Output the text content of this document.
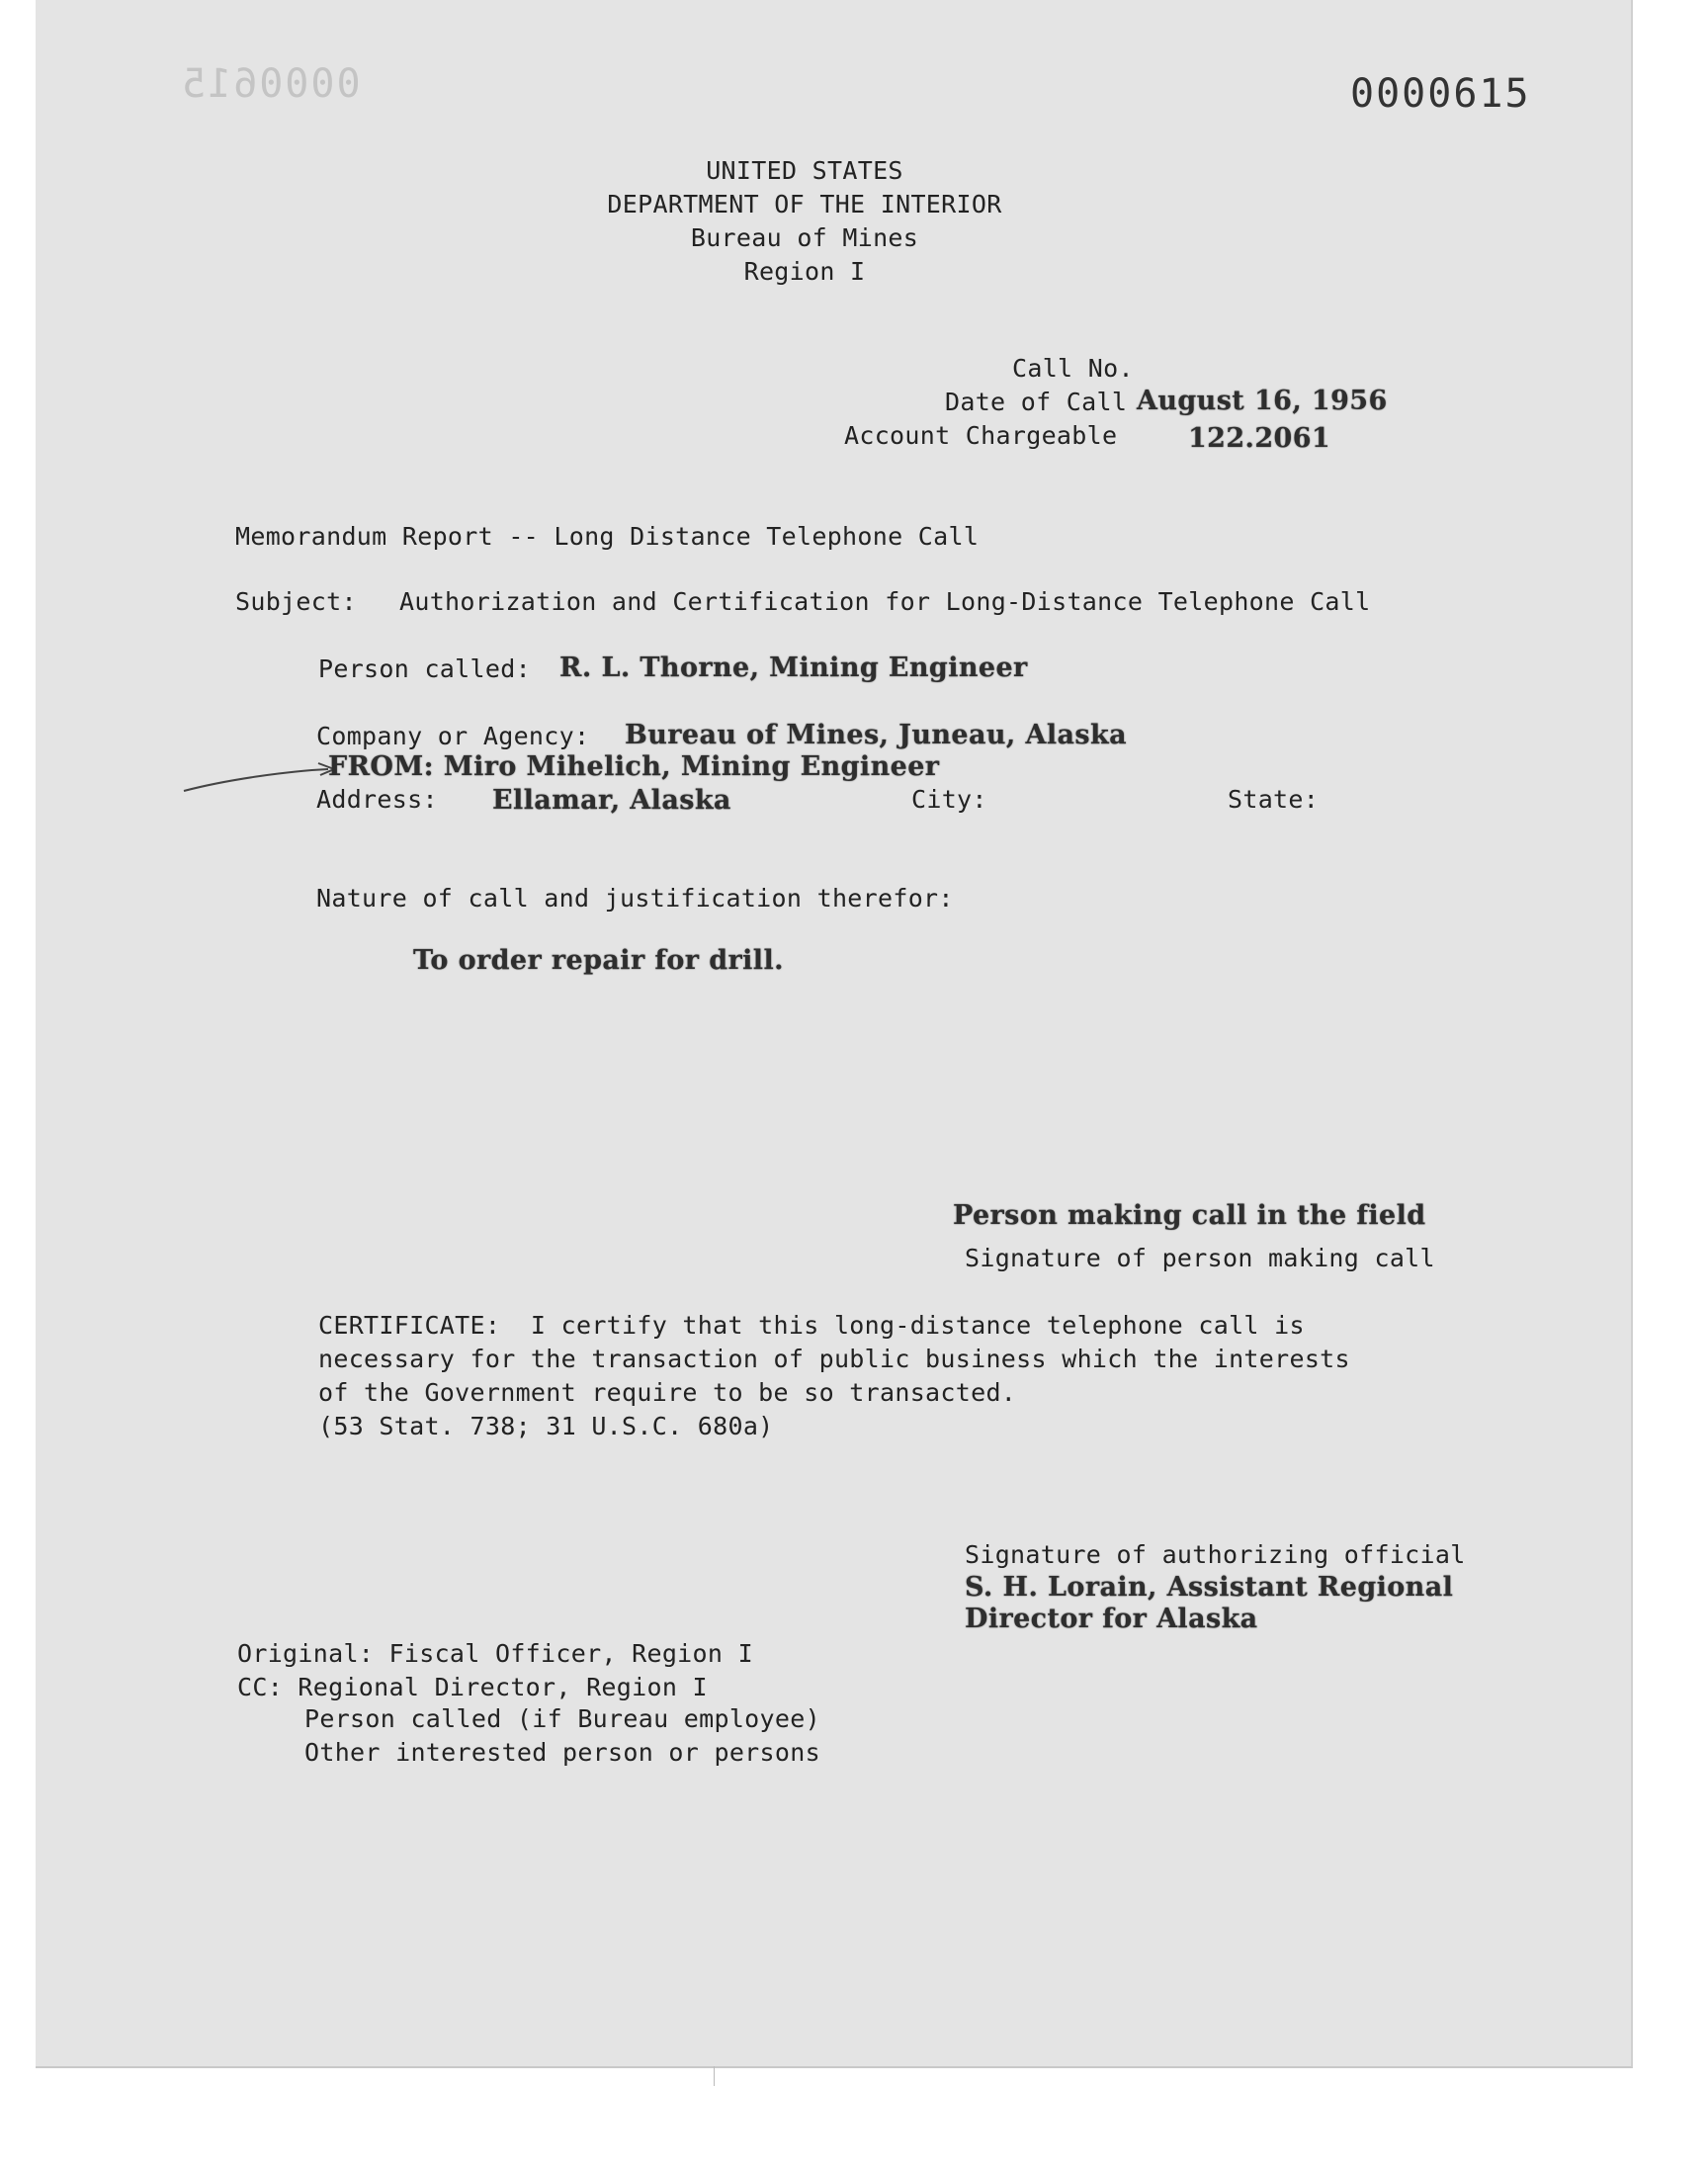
0000615	0000615
UNITED STATES
DEPARTMENT OF THE INTERIOR
Bureau of Mines
Region I
Call No.
Date of Call August 16, 1956
Account Chargeable	122.2061
Memorandum Report -- Long Distance Telephone Call
Subject: Authorization and Certification for Long-Distance Telephone Call
Person called: R. L. Thorne, Mining Engineer
Company or Agency: Bureau of Mines, Juneau, Alaska
FROM: Miro Mihelich, Mining Engineer
Address: Ellamar, Alaska	City:	State:
Nature of call and justification therefor:
To order repair for drill.
Person making call in the field
Signature of person making call
CERTIFICATE:  I certify that this long-distance telephone call is
necessary for the transaction of public business which the interests
of the Government require to be so transacted.
(53 Stat. 738; 31 U.S.C. 680a)
Signature of authorizing official
S. H. Lorain, Assistant Regional
Director for Alaska
Original: Fiscal Officer, Region I
CC: Regional Director, Region I
Person called (if Bureau employee)
Other interested person or persons
